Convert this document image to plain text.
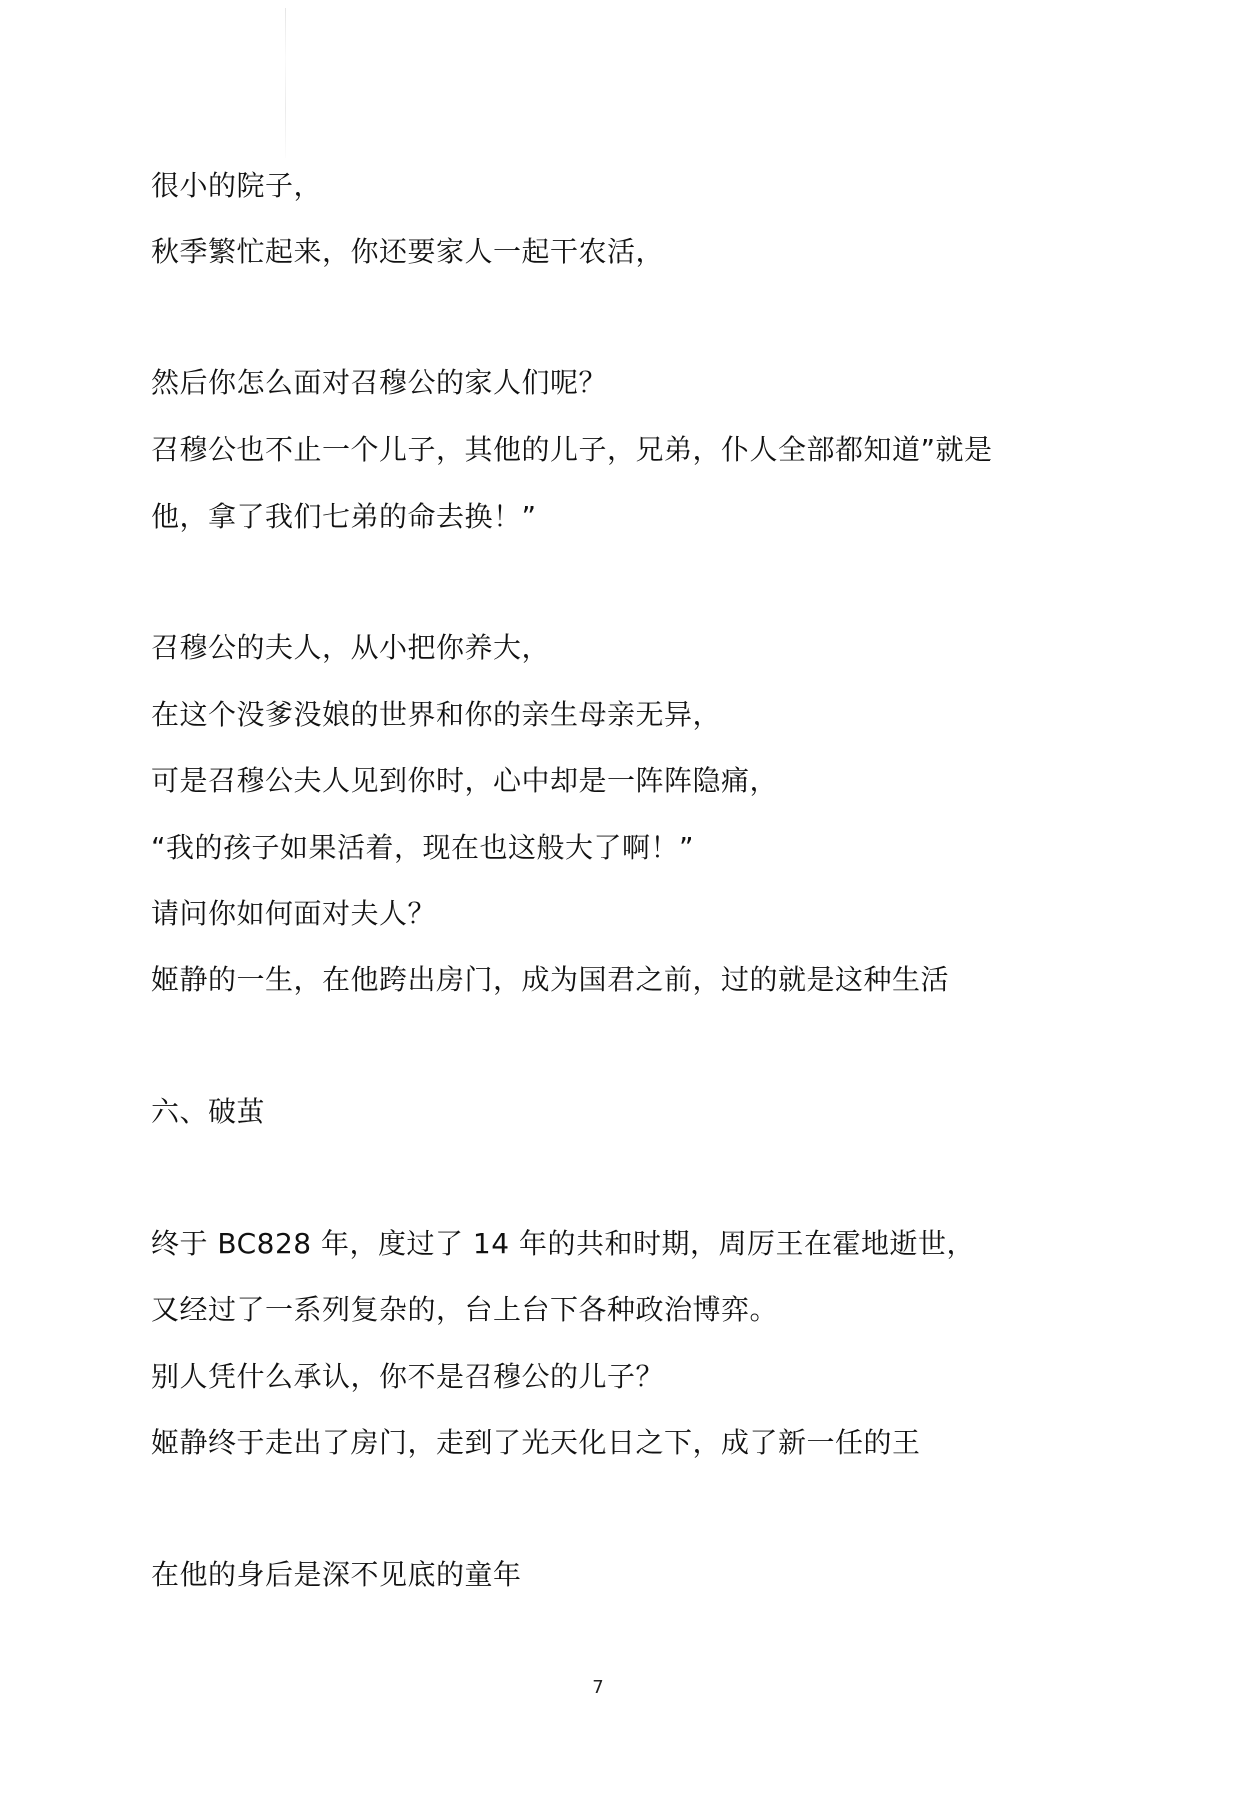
很小的院子，
秋季繁忙起来，你还要家人一起干农活，
然后你怎么面对召穆公的家人们呢？
召穆公也不止一个儿子，其他的儿子，兄弟，仆人全部都知道”就是
他，拿了我们七弟的命去换！”
召穆公的夫人，从小把你养大，
在这个没爹没娘的世界和你的亲生母亲无异，
可是召穆公夫人见到你时，心中却是一阵阵隐痛，
“我的孩子如果活着，现在也这般大了啊！”
请问你如何面对夫人？
姬静的一生，在他跨出房门，成为国君之前，过的就是这种生活
六、破茧
终于 BC828 年，度过了 14 年的共和时期，周厉王在霍地逝世，
又经过了一系列复杂的，台上台下各种政治博弈。
别人凭什么承认，你不是召穆公的儿子？
姬静终于走出了房门，走到了光天化日之下，成了新一任的王
在他的身后是深不见底的童年
7
